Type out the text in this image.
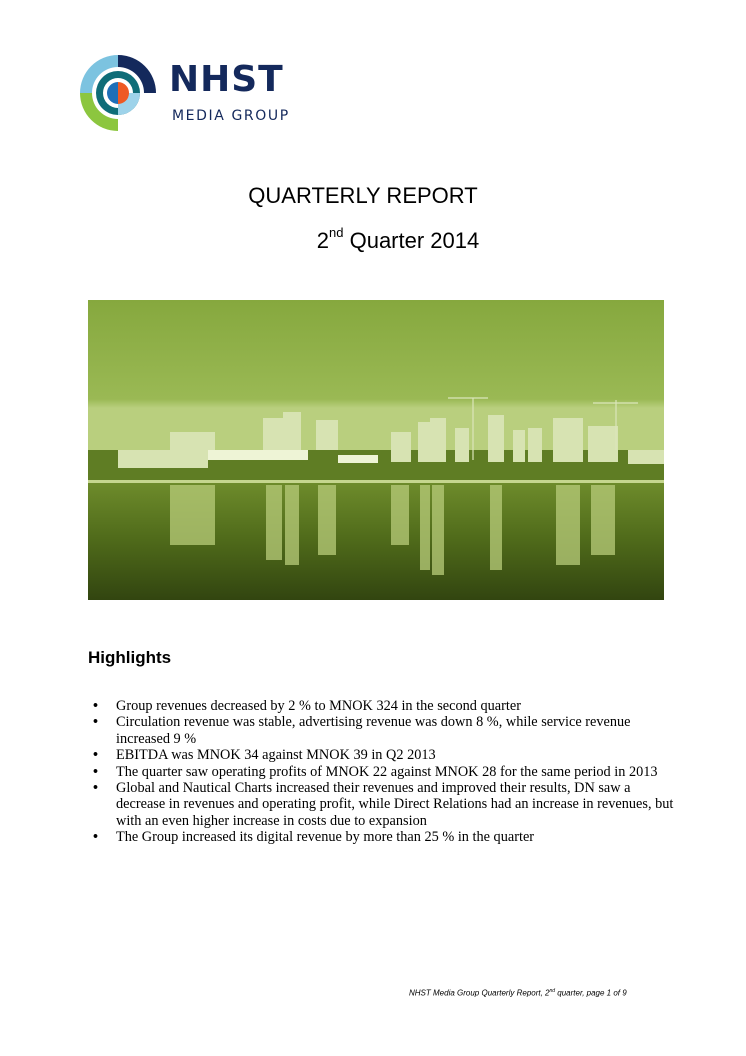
NHST
MEDIA GROUP
QUARTERLY REPORT
2nd Quarter 2014
Highlights
• Group revenues decreased by 2 % to MNOK 324 in the second quarter
• Circulation revenue was stable, advertising revenue was down 8 %, while service revenue increased 9 %
• EBITDA was MNOK 34 against MNOK 39 in Q2 2013
• The quarter saw operating profits of MNOK 22 against MNOK 28 for the same period in 2013
• Global and Nautical Charts increased their revenues and improved their results, DN saw a decrease in revenues and operating profit, while Direct Relations had an increase in revenues, but with an even higher increase in costs due to expansion
• The Group increased its digital revenue by more than 25 % in the quarter
NHST Media Group Quarterly Report, 2nd quarter, page 1 of 9
